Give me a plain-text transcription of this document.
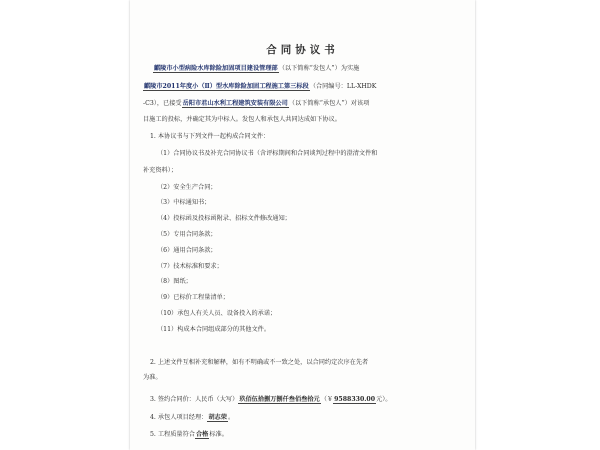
合同协议书
麒陵市小型病险水库除险加固项目建设管理部（以下简称“发包人”）为实施
麒陵市2011年度小（Ⅱ）型水库除险加固工程施工第三标段（合同编号：LL-XHDK
-C3），已接受岳阳市君山水利工程建筑安装有限公司（以下简称“承包人”）对该项
目施工的投标，并确定其为中标人。发包人和承包人共同达成如下协议。
1. 本协议书与下列文件一起构成合同文件：
（1）合同协议书及补充合同协议书（含评标期间和合同谈判过程中的澄清文件和
补充资料）；
（2）安全生产合同；
（3）中标通知书；
（4）投标函及投标函附录、招标文件修改通知；
（5）专用合同条款；
（6）通用合同条款；
（7）技术标准和要求；
（8）图纸；
（9）已标价工程量清单；
（10）承包人有关人员、设备投入的承诺；
（11）构成本合同组成部分的其他文件。
2. 上述文件互相补充和解释，如有不明确或不一致之处，以合同约定次序在先者
为准。
3. 签约合同价：人民币（大写）玖佰伍拾捌万捌仟叁佰叁拾元（￥9588330.00元）。
4. 承包人项目经理：胡志荣。
5. 工程质量符合合格标准。
